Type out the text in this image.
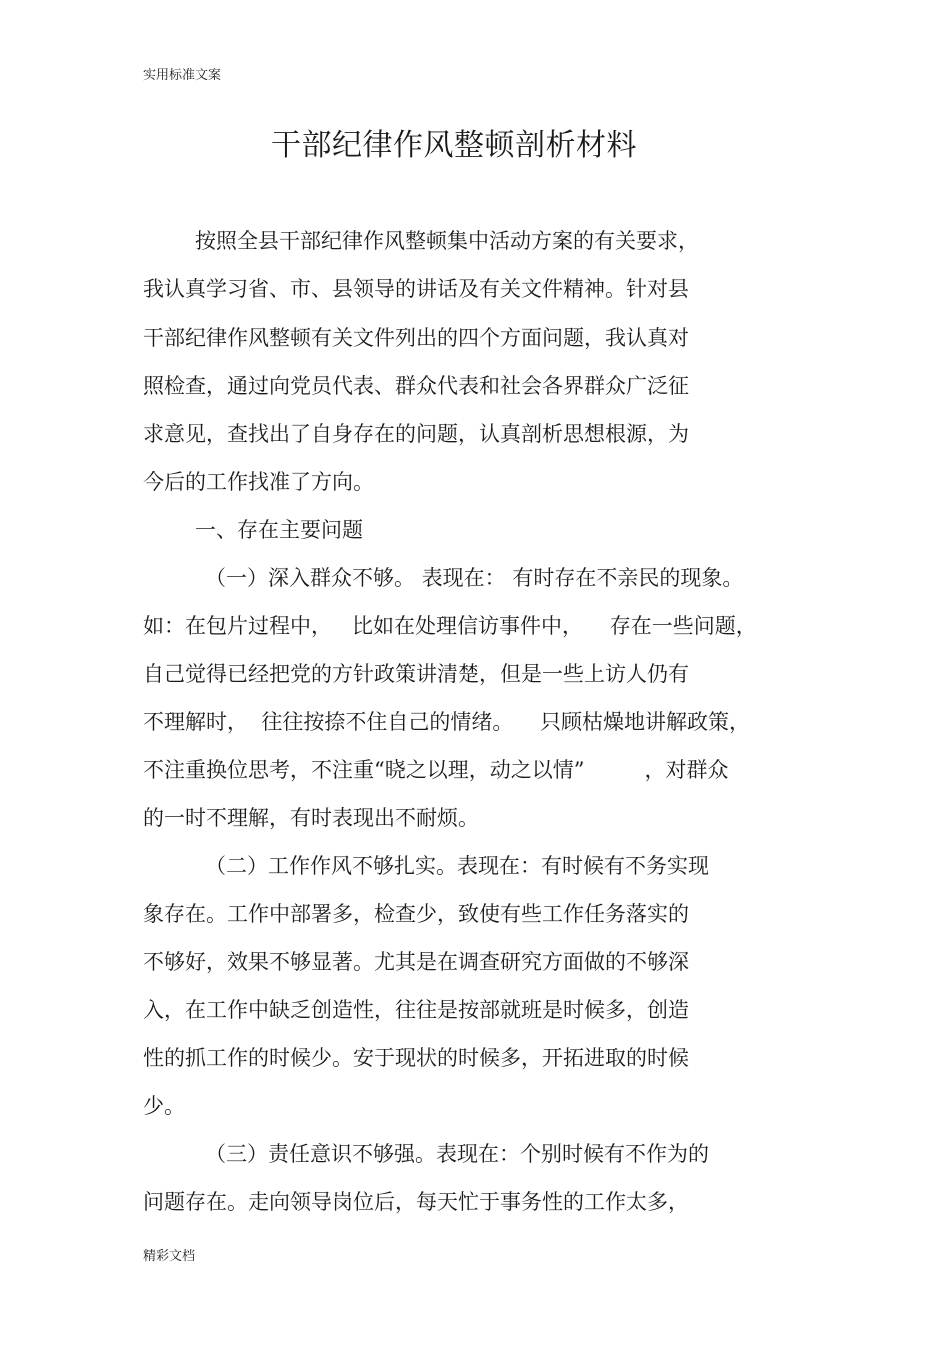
实用标准文案
干部纪律作风整顿剖析材料
按照全县干部纪律作风整顿集中活动方案的有关要求，
我认真学习省、市、县领导的讲话及有关文件精神。针对县
干部纪律作风整顿有关文件列出的四个方面问题，我认真对
照检查，通过向党员代表、群众代表和社会各界群众广泛征
求意见，查找出了自身存在的问题，认真剖析思想根源，为
今后的工作找准了方向。
一、存在主要问题
（一）深入群众不够。 表现在： 有时存在不亲民的现象。
如：在包片过程中，   比如在处理信访事件中，    存在一些问题，
自己觉得已经把党的方针政策讲清楚，但是一些上访人仍有
不理解时，  往往按捺不住自己的情绪。    只顾枯燥地讲解政策，
不注重换位思考，不注重“晓之以理，动之以情”         ，对群众
的一时不理解，有时表现出不耐烦。
（二）工作作风不够扎实。表现在：有时候有不务实现
象存在。工作中部署多，检查少，致使有些工作任务落实的
不够好，效果不够显著。尤其是在调查研究方面做的不够深
入，在工作中缺乏创造性，往往是按部就班是时候多，创造
性的抓工作的时候少。安于现状的时候多，开拓进取的时候
少。
（三）责任意识不够强。表现在：个别时候有不作为的
问题存在。走向领导岗位后，每天忙于事务性的工作太多，
精彩文档
